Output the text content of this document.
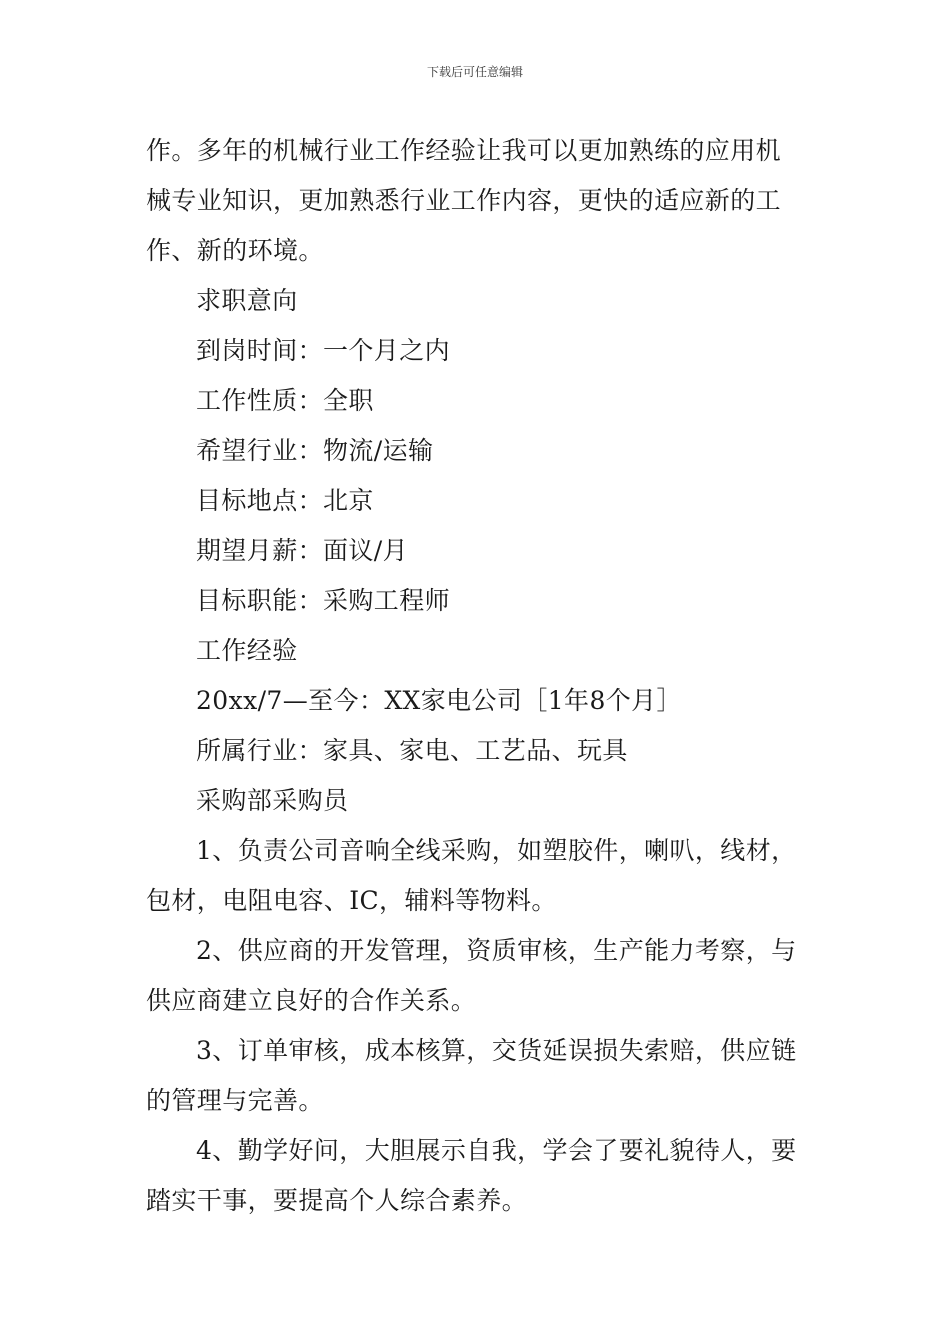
下载后可任意编辑
作。多年的机械行业工作经验让我可以更加熟练的应用机
械专业知识，更加熟悉行业工作内容，更快的适应新的工
作、新的环境。
求职意向
到岗时间：一个月之内
工作性质：全职
希望行业：物流/运输
目标地点：北京
期望月薪：面议/月
目标职能：采购工程师
工作经验
20xx/7—至今：XX家电公司［1年8个月］
所属行业：家具、家电、工艺品、玩具
采购部采购员
1、负责公司音响全线采购，如塑胶件，喇叭，线材，
包材，电阻电容、IC，辅料等物料。
2、供应商的开发管理，资质审核，生产能力考察，与
供应商建立良好的合作关系。
3、订单审核，成本核算，交货延误损失索赔，供应链
的管理与完善。
4、勤学好问，大胆展示自我，学会了要礼貌待人，要
踏实干事，要提高个人综合素养。
